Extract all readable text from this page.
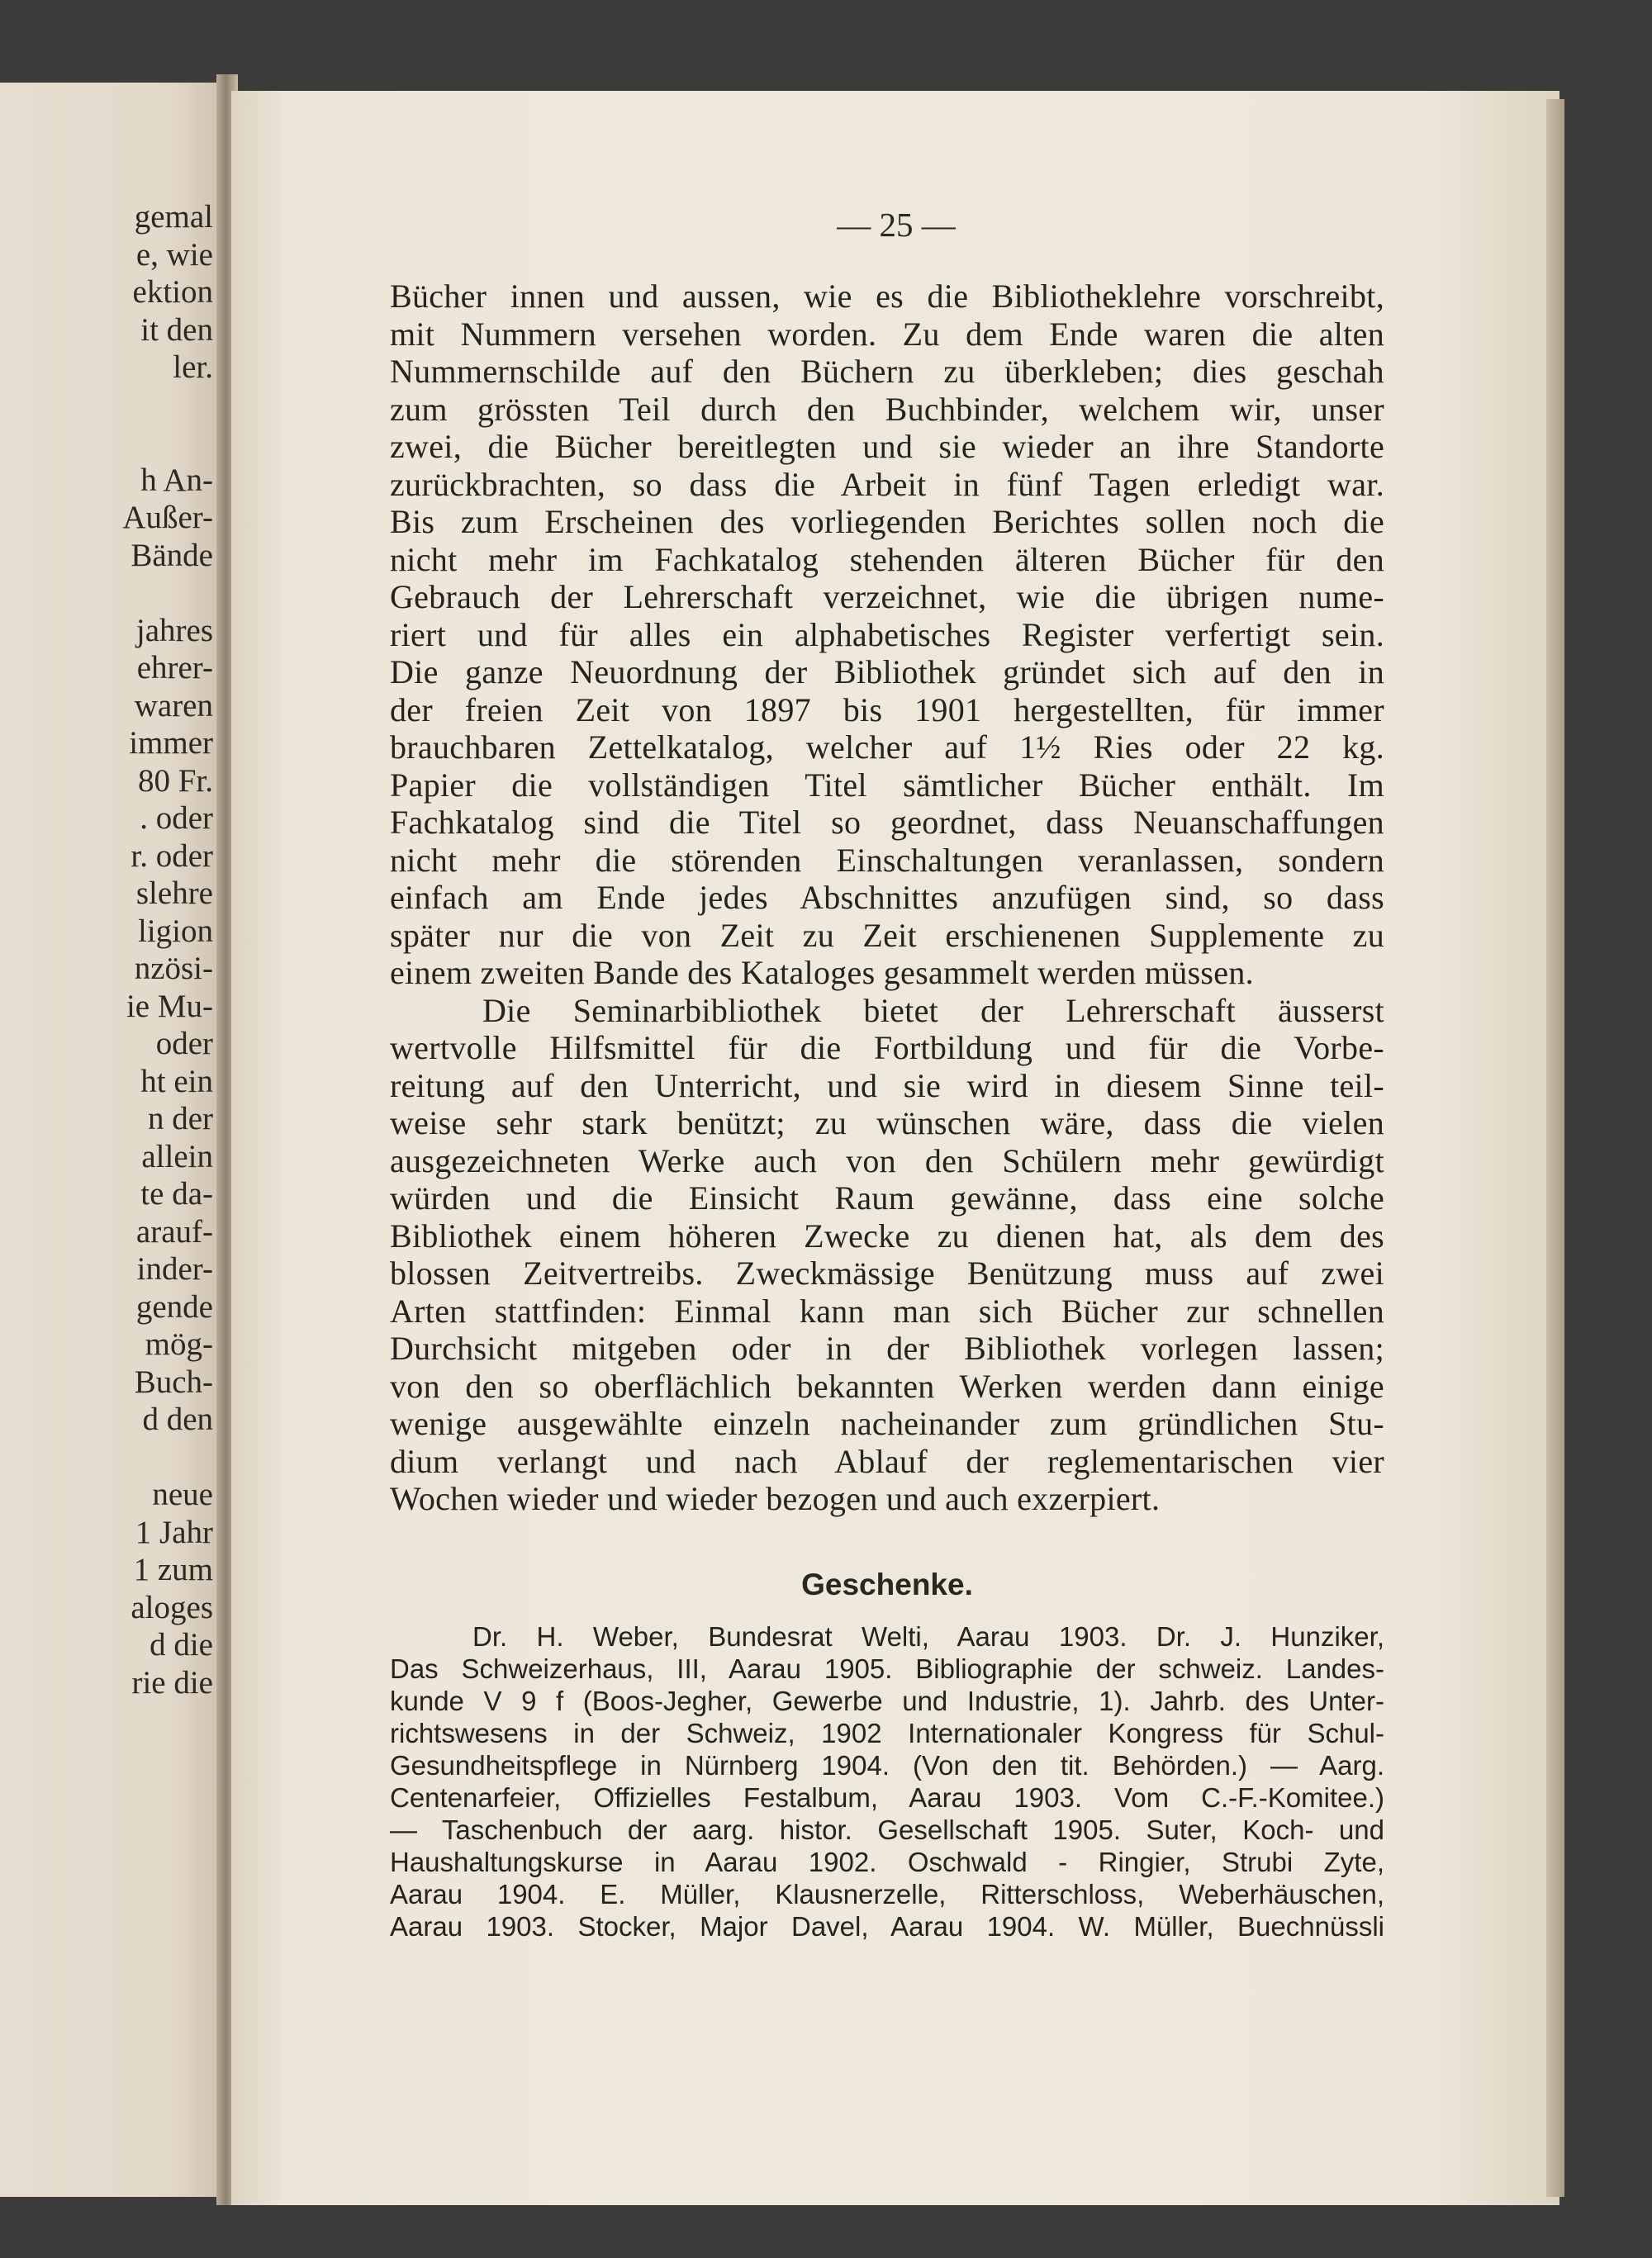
gemal
e, wie
ektion
it den
ler.
h An-
Außer-
Bände
jahres
ehrer-
waren
immer
80 Fr.
. oder
r. oder
slehre
ligion
nzösi-
ie Mu-
oder
ht ein
n der
allein
te da-
arauf-
inder-
gende
mög-
Buch-
d den
neue
1 Jahr
1 zum
aloges
d die
rie die
— 25 —
Bücher innen und aussen, wie es die Bibliotheklehre vorschreibt,
mit Nummern versehen worden. Zu dem Ende waren die alten
Nummernschilde auf den Büchern zu überkleben; dies geschah
zum grössten Teil durch den Buchbinder, welchem wir, unser
zwei, die Bücher bereitlegten und sie wieder an ihre Standorte
zurückbrachten, so dass die Arbeit in fünf Tagen erledigt war.
Bis zum Erscheinen des vorliegenden Berichtes sollen noch die
nicht mehr im Fachkatalog stehenden älteren Bücher für den
Gebrauch der Lehrerschaft verzeichnet, wie die übrigen nume-
riert und für alles ein alphabetisches Register verfertigt sein.
Die ganze Neuordnung der Bibliothek gründet sich auf den in
der freien Zeit von 1897 bis 1901 hergestellten, für immer
brauchbaren Zettelkatalog, welcher auf 1½ Ries oder 22 kg.
Papier die vollständigen Titel sämtlicher Bücher enthält. Im
Fachkatalog sind die Titel so geordnet, dass Neuanschaffungen
nicht mehr die störenden Einschaltungen veranlassen, sondern
einfach am Ende jedes Abschnittes anzufügen sind, so dass
später nur die von Zeit zu Zeit erschienenen Supplemente zu
einem zweiten Bande des Kataloges gesammelt werden müssen.
Die Seminarbibliothek bietet der Lehrerschaft äusserst
wertvolle Hilfsmittel für die Fortbildung und für die Vorbe-
reitung auf den Unterricht, und sie wird in diesem Sinne teil-
weise sehr stark benützt; zu wünschen wäre, dass die vielen
ausgezeichneten Werke auch von den Schülern mehr gewürdigt
würden und die Einsicht Raum gewänne, dass eine solche
Bibliothek einem höheren Zwecke zu dienen hat, als dem des
blossen Zeitvertreibs. Zweckmässige Benützung muss auf zwei
Arten stattfinden: Einmal kann man sich Bücher zur schnellen
Durchsicht mitgeben oder in der Bibliothek vorlegen lassen;
von den so oberflächlich bekannten Werken werden dann einige
wenige ausgewählte einzeln nacheinander zum gründlichen Stu-
dium verlangt und nach Ablauf der reglementarischen vier
Wochen wieder und wieder bezogen und auch exzerpiert.
Geschenke.
Dr. H. Weber, Bundesrat Welti, Aarau 1903. Dr. J. Hunziker,
Das Schweizerhaus, III, Aarau 1905. Bibliographie der schweiz. Landes-
kunde V 9 f (Boos-Jegher, Gewerbe und Industrie, 1). Jahrb. des Unter-
richtswesens in der Schweiz, 1902 Internationaler Kongress für Schul-
Gesundheitspflege in Nürnberg 1904. (Von den tit. Behörden.) — Aarg.
Centenarfeier, Offizielles Festalbum, Aarau 1903. Vom C.-F.-Komitee.)
— Taschenbuch der aarg. histor. Gesellschaft 1905. Suter, Koch- und
Haushaltungskurse in Aarau 1902. Oschwald - Ringier, Strubi Zyte,
Aarau 1904. E. Müller, Klausnerzelle, Ritterschloss, Weberhäuschen,
Aarau 1903. Stocker, Major Davel, Aarau 1904. W. Müller, Buechnüssli
